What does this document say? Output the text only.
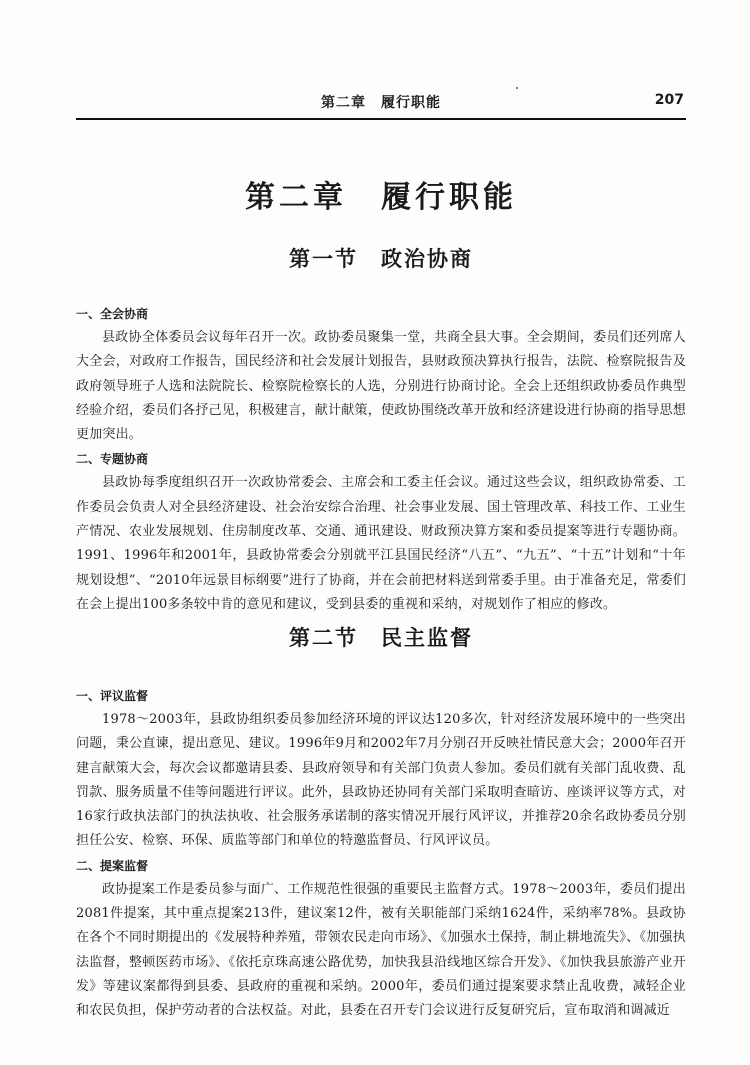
第二章　履行职能	207
第二章　履行职能
第一节　政治协商
一、全会协商

县政协全体委员会议每年召开一次。政协委员聚集一堂，共商全县大事。全会期间，委员们还列席人大全会，对政府工作报告，国民经济和社会发展计划报告，县财政预决算执行报告，法院、检察院报告及政府领导班子人选和法院院长、检察院检察长的人选，分别进行协商讨论。全会上还组织政协委员作典型经验介绍，委员们各抒己见，积极建言，献计献策，使政协围绕改革开放和经济建设进行协商的指导思想更加突出。

二、专题协商

县政协每季度组织召开一次政协常委会、主席会和工委主任会议。通过这些会议，组织政协常委、工作委员会负责人对全县经济建设、社会治安综合治理、社会事业发展、国土管理改革、科技工作、工业生产情况、农业发展规划、住房制度改革、交通、通讯建设、财政预决算方案和委员提案等进行专题协商。1991、1996年和2001年，县政协常委会分别就平江县国民经济“八五”、“九五”、“十五”计划和“十年规划设想”、“2010年远景目标纲要”进行了协商，并在会前把材料送到常委手里。由于准备充足，常委们在会上提出100多条较中肯的意见和建议，受到县委的重视和采纳，对规划作了相应的修改。

第二节　民主监督
一、评议监督

1978～2003年，县政协组织委员参加经济环境的评议达120多次，针对经济发展环境中的一些突出问题，秉公直谏，提出意见、建议。1996年9月和2002年7月分别召开反映社情民意大会；2000年召开建言献策大会，每次会议都邀请县委、县政府领导和有关部门负责人参加。委员们就有关部门乱收费、乱罚款、服务质量不佳等问题进行评议。此外，县政协还协同有关部门采取明查暗访、座谈评议等方式，对16家行政执法部门的执法执收、社会服务承诺制的落实情况开展行风评议，并推荐20余名政协委员分别担任公安、检察、环保、质监等部门和单位的特邀监督员、行风评议员。

二、提案监督

政协提案工作是委员参与面广、工作规范性很强的重要民主监督方式。1978～2003年，委员们提出2081件提案，其中重点提案213件，建议案12件，被有关职能部门采纳1624件，采纳率78%。县政协在各个不同时期提出的《发展特种养殖，带领农民走向市场》、《加强水土保持，制止耕地流失》、《加强执法监督，整顿医药市场》、《依托京珠高速公路优势，加快我县沿线地区综合开发》、《加快我县旅游产业开发》等建议案都得到县委、县政府的重视和采纳。2000年，委员们通过提案要求禁止乱收费，减轻企业和农民负担，保护劳动者的合法权益。对此，县委在召开专门会议进行反复研究后，宣布取消和调减近
